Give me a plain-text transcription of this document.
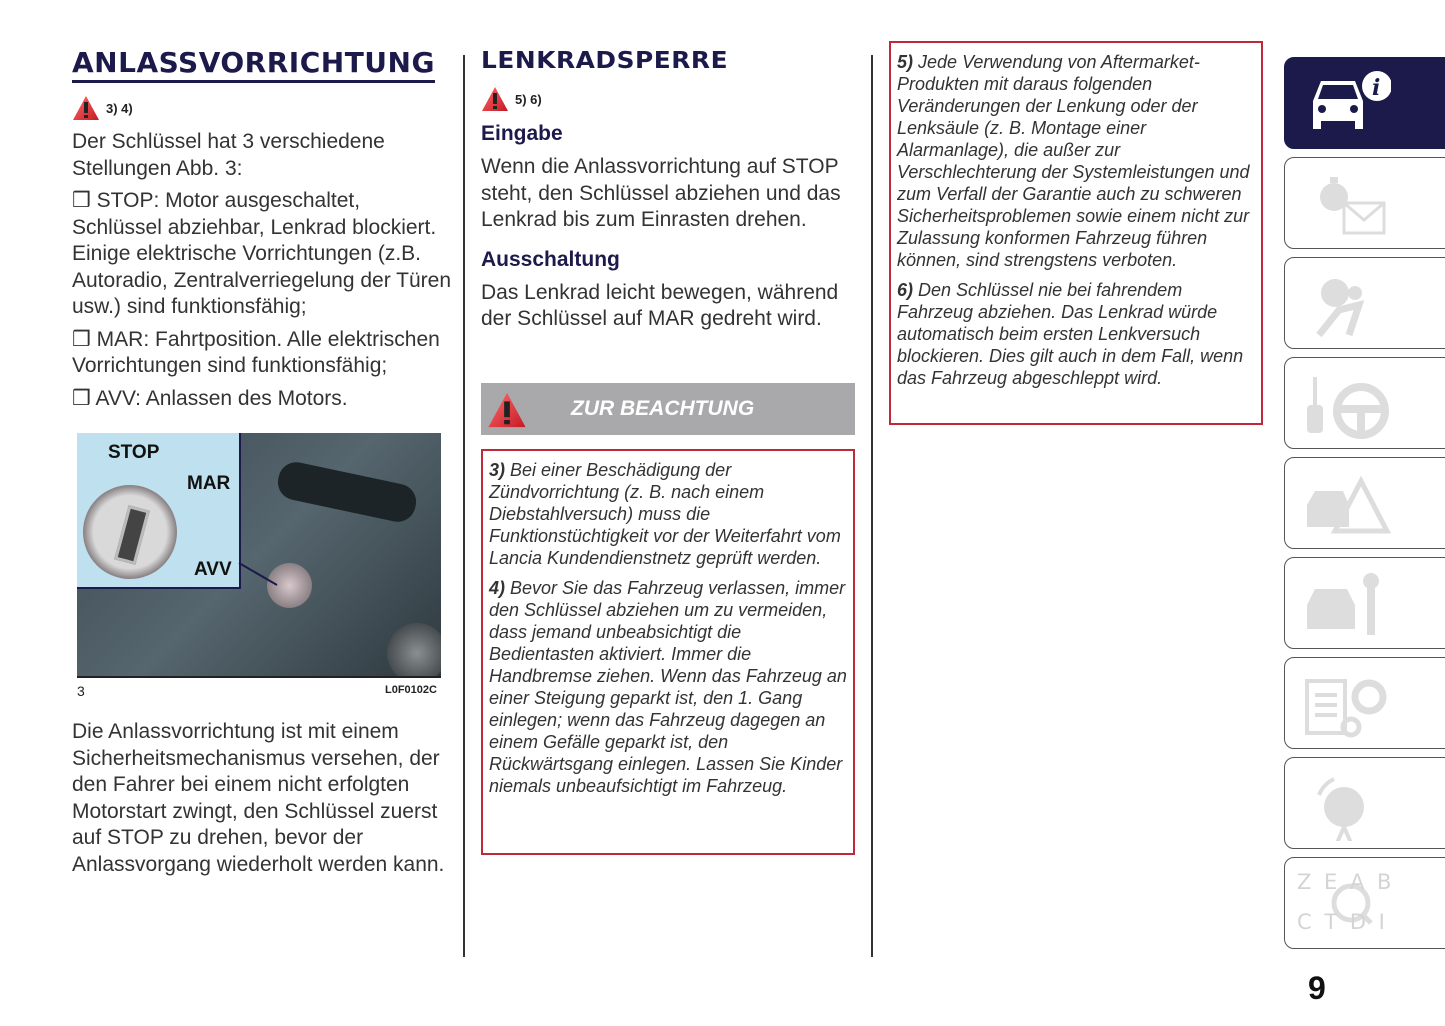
ANLASSVORRICHTUNG
3) 4)

Der Schlüssel hat 3 verschiedene Stellungen Abb. 3:

❒ STOP: Motor ausgeschaltet, Schlüssel abziehbar, Lenkrad blockiert. Einige elektrische Vorrichtungen (z.B. Autoradio, Zentralverriegelung der Türen usw.) sind funktionsfähig;

❒ MAR: Fahrtposition. Alle elektrischen Vorrichtungen sind funktionsfähig;

❒ AVV: Anlassen des Motors.

STOP
MAR
AVV
3	L0F0102C

Die Anlassvorrichtung ist mit einem Sicherheitsmechanismus versehen, der den Fahrer bei einem nicht erfolgten Motorstart zwingt, den Schlüssel zuerst auf STOP zu drehen, bevor der Anlassvorgang wiederholt werden kann.

LENKRADSPERRE
5) 6)
Eingabe

Wenn die Anlassvorrichtung auf STOP steht, den Schlüssel abziehen und das Lenkrad bis zum Einrasten drehen.

Ausschaltung

Das Lenkrad leicht bewegen, während der Schlüssel auf MAR gedreht wird.

ZUR BEACHTUNG

3) Bei einer Beschädigung der Zündvorrichtung (z. B. nach einem Diebstahlversuch) muss die Funktionstüchtigkeit vor der Weiterfahrt vom Lancia Kundendienstnetz geprüft werden.

4) Bevor Sie das Fahrzeug verlassen, immer den Schlüssel abziehen um zu vermeiden, dass jemand unbeabsichtigt die Bedientasten aktiviert. Immer die Handbremse ziehen. Wenn das Fahrzeug an einer Steigung geparkt ist, den 1. Gang einlegen; wenn das Fahrzeug dagegen an einem Gefälle geparkt ist, den Rückwärtsgang einlegen. Lassen Sie Kinder niemals unbeaufsichtigt im Fahrzeug.

5) Jede Verwendung von Aftermarket-Produkten mit daraus folgenden Veränderungen der Lenkung oder der Lenksäule (z. B. Montage einer Alarmanlage), die außer zur Verschlechterung der Systemleistungen und zum Verfall der Garantie auch zu schweren Sicherheitsproblemen sowie einem nicht zur Zulassung konformen Fahrzeug führen können, sind strengstens verboten.

6) Den Schlüssel nie bei fahrendem Fahrzeug abziehen. Das Lenkrad würde automatisch beim ersten Lenkversuch blockieren. Dies gilt auch in dem Fall, wenn das Fahrzeug abgeschleppt wird.

i
Z E A B C T D I
9
